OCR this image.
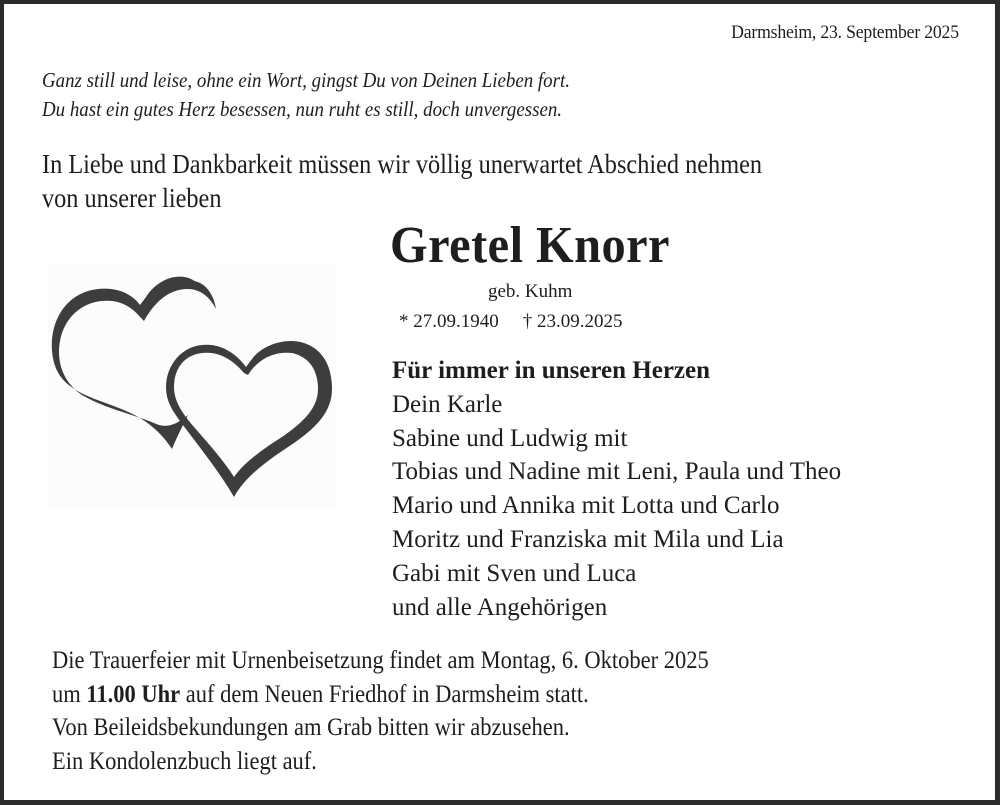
Darmsheim, 23. September 2025

Ganz still und leise, ohne ein Wort, gingst Du von Deinen Lieben fort.
Du hast ein gutes Herz besessen, nun ruht es still, doch unvergessen.
In Liebe und Dankbarkeit müssen wir völlig unerwartet Abschied nehmen
von unserer lieben
Gretel Knorr
geb. Kuhm
* 27.09.1940 † 23.09.2025
Für immer in unseren Herzen
Dein Karle
Sabine und Ludwig mit
Tobias und Nadine mit Leni, Paula und Theo
Mario und Annika mit Lotta und Carlo
Moritz und Franziska mit Mila und Lia
Gabi mit Sven und Luca
und alle Angehörigen
Die Trauerfeier mit Urnenbeisetzung findet am Montag, 6. Oktober 2025
um 11.00 Uhr auf dem Neuen Friedhof in Darmsheim statt.
Von Beileidsbekundungen am Grab bitten wir abzusehen.
Ein Kondolenzbuch liegt auf.
